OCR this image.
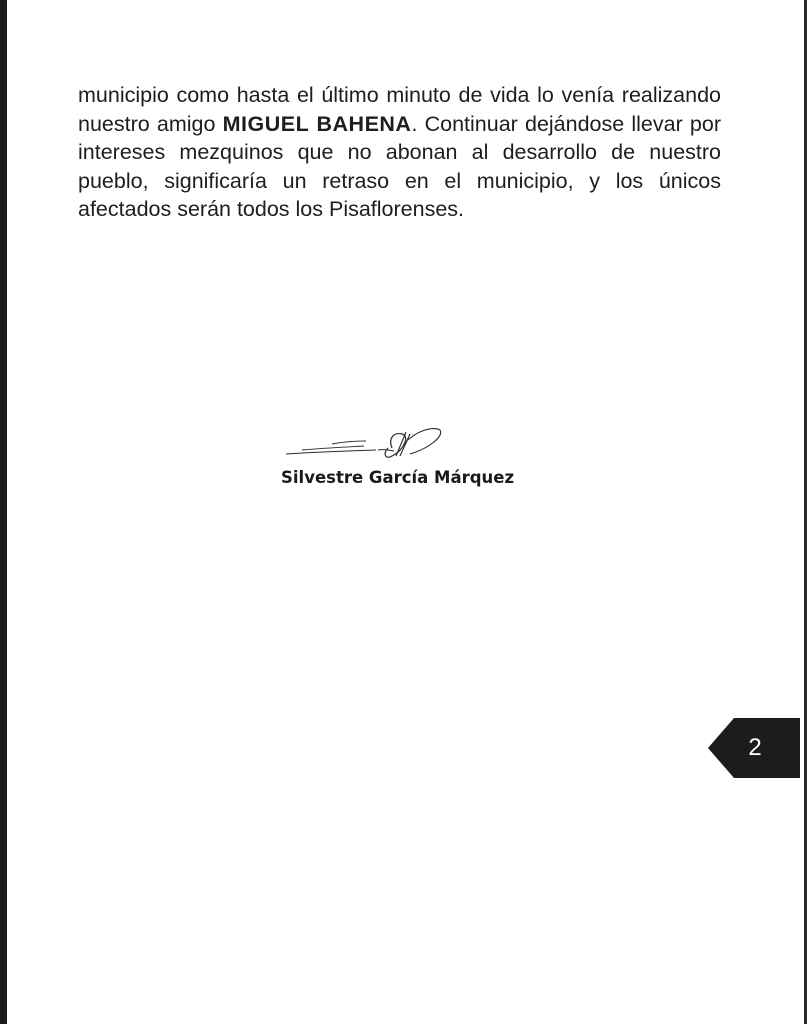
municipio como hasta el último minuto de vida lo venía realizando nuestro amigo MIGUEL BAHENA. Continuar dejándose llevar por intereses mezquinos que no abonan al desarrollo de nuestro pueblo, significaría un retraso en el municipio, y los únicos afectados serán todos los Pisaflorenses.

Silvestre García Márquez
2
